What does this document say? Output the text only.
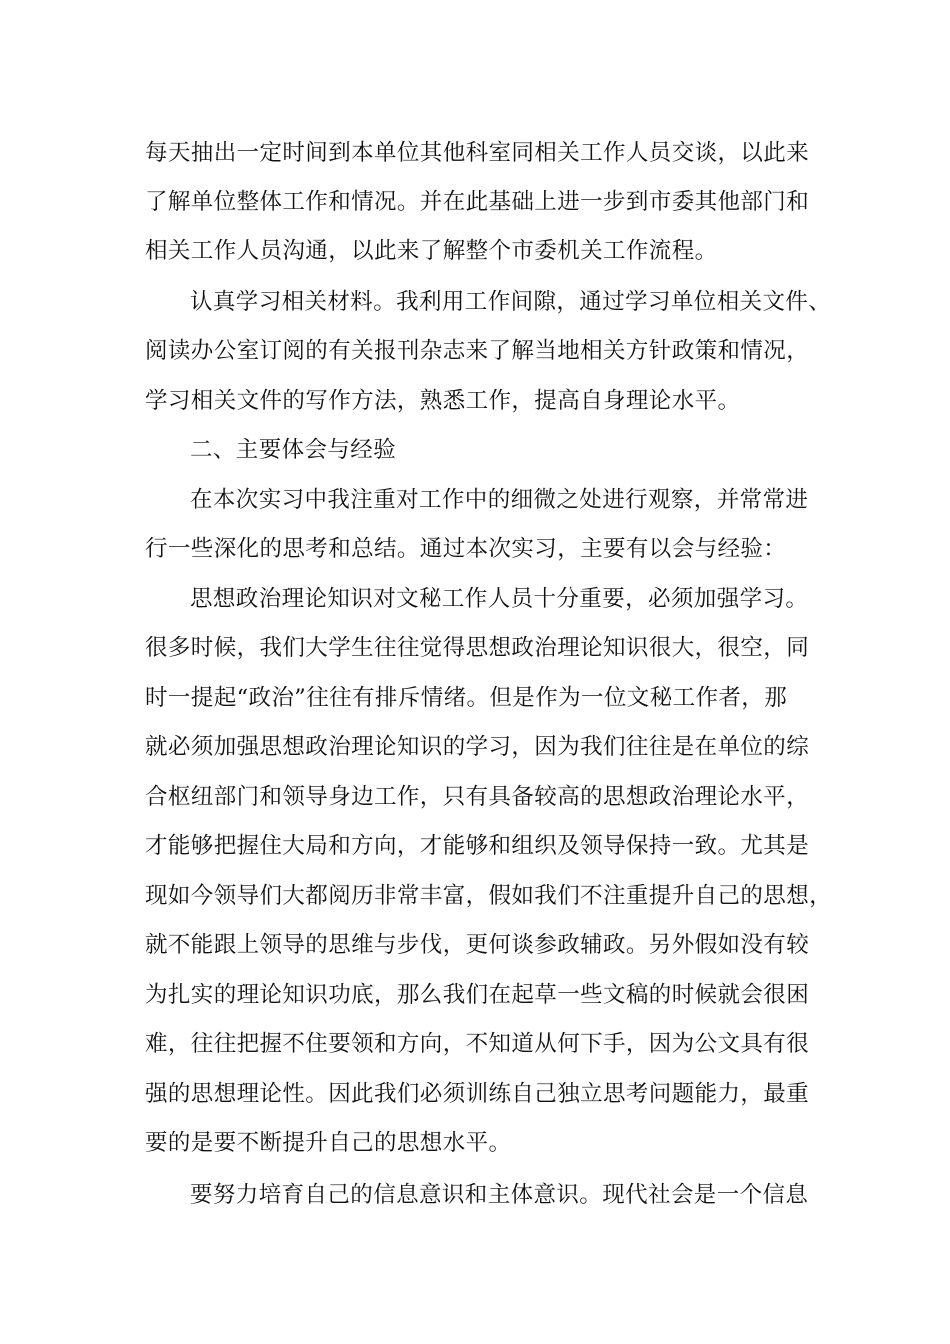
每天抽出一定时间到本单位其他科室同相关工作人员交谈，以此来
了解单位整体工作和情况。并在此基础上进一步到市委其他部门和
相关工作人员沟通，以此来了解整个市委机关工作流程。
认真学习相关材料。我利用工作间隙，通过学习单位相关文件、
阅读办公室订阅的有关报刊杂志来了解当地相关方针政策和情况，
学习相关文件的写作方法，熟悉工作，提高自身理论水平。
二、主要体会与经验
在本次实习中我注重对工作中的细微之处进行观察，并常常进
行一些深化的思考和总结。通过本次实习，主要有以会与经验：
思想政治理论知识对文秘工作人员十分重要，必须加强学习。
很多时候，我们大学生往往觉得思想政治理论知识很大，很空，同
时一提起“政治”往往有排斥情绪。但是作为一位文秘工作者，那
就必须加强思想政治理论知识的学习，因为我们往往是在单位的综
合枢纽部门和领导身边工作，只有具备较高的思想政治理论水平，
才能够把握住大局和方向，才能够和组织及领导保持一致。尤其是
现如今领导们大都阅历非常丰富，假如我们不注重提升自己的思想，
就不能跟上领导的思维与步伐，更何谈参政辅政。另外假如没有较
为扎实的理论知识功底，那么我们在起草一些文稿的时候就会很困
难，往往把握不住要领和方向，不知道从何下手，因为公文具有很
强的思想理论性。因此我们必须训练自己独立思考问题能力，最重
要的是要不断提升自己的思想水平。
要努力培育自己的信息意识和主体意识。现代社会是一个信息
